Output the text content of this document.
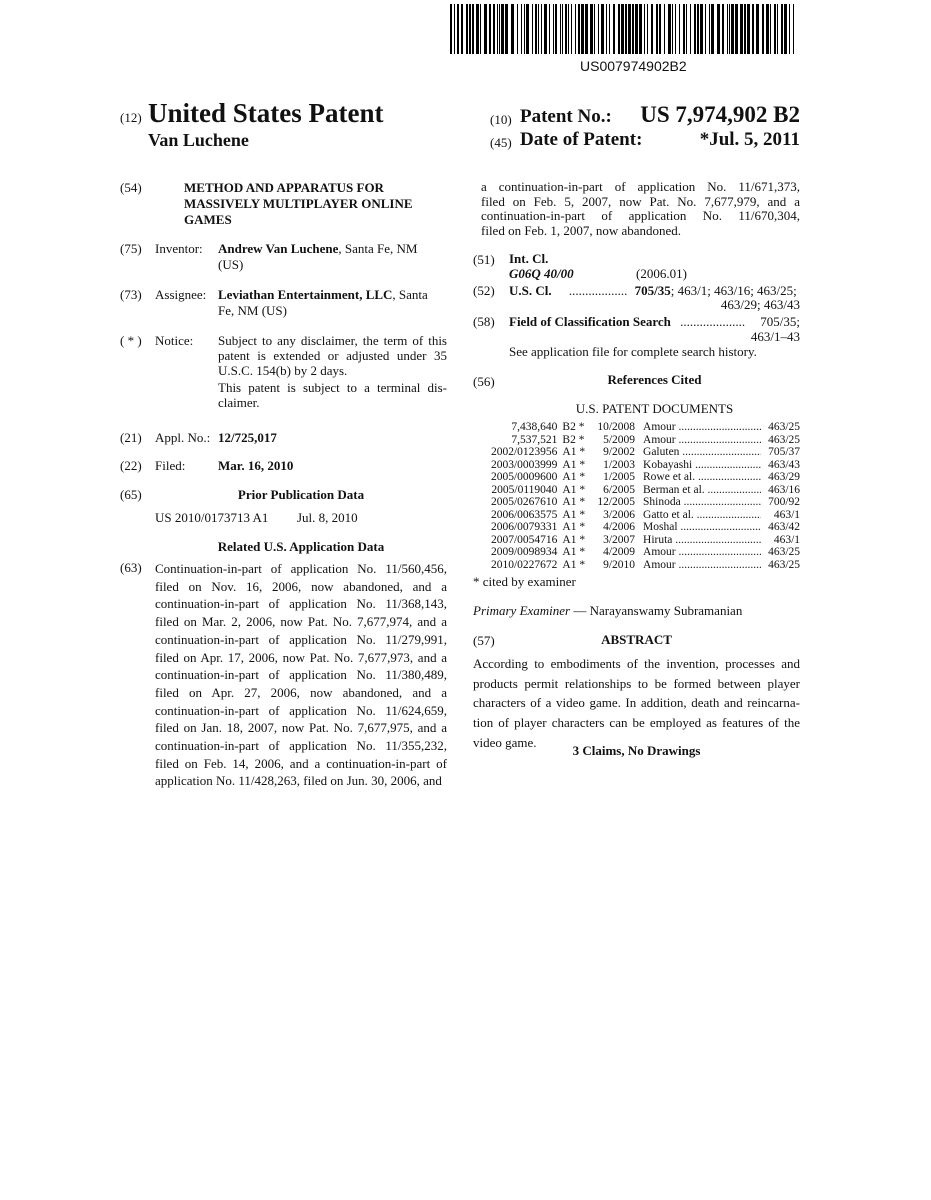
US007974902B2
(12) United States Patent
Van Luchene
(10) Patent No.: US 7,974,902 B2
(45) Date of Patent:	*Jul. 5, 2011
(54)	METHOD AND APPARATUS FOR
MASSIVELY MULTIPLAYER ONLINE
GAMES
(75) Inventor: Andrew Van Luchene, Santa Fe, NM
(US)
(73) Assignee: Leviathan Entertainment, LLC, Santa
Fe, NM (US)
( * ) Notice: Subject to any disclaimer, the term of this
patent is extended or adjusted under 35
U.S.C. 154(b) by 2 days.
This patent is subject to a terminal dis-
claimer.
(21) Appl. No.: 12/725,017
(22) Filed:	Mar. 16, 2010
(65)	Prior Publication Data
US 2010/0173713 A1 Jul. 8, 2010
Related U.S. Application Data
(63) Continuation-in-part of application No. 11/560,456,
filed on Nov. 16, 2006, now abandoned, and a
continuation-in-part of application No. 11/368,143,
filed on Mar. 2, 2006, now Pat. No. 7,677,974, and a
continuation-in-part of application No. 11/279,991,
filed on Apr. 17, 2006, now Pat. No. 7,677,973, and a
continuation-in-part of application No. 11/380,489,
filed on Apr. 27, 2006, now abandoned, and a
continuation-in-part of application No. 11/624,659,
filed on Jan. 18, 2007, now Pat. No. 7,677,975, and a
continuation-in-part of application No. 11/355,232,
filed on Feb. 14, 2006, and a continuation-in-part of
application No. 11/428,263, filed on Jun. 30, 2006, and
a continuation-in-part of application No. 11/671,373,
filed on Feb. 5, 2007, now Pat. No. 7,677,979, and a
continuation-in-part of application No. 11/670,304,
filed on Feb. 1, 2007, now abandoned.
(51) Int. Cl.
G06Q 40/00	(2006.01)
(52) U.S. Cl. .................. 705/35; 463/1; 463/16; 463/25;
463/29; 463/43
(58) Field of Classification Search .................... 705/35;
463/1–43
See application file for complete search history.
(56)	References Cited
U.S. PATENT DOCUMENTS
7,438,640 B2 *	10/2008 Amour .....	463/25
7,537,521 B2 *	5/2009 Amour .....	463/25
2002/0123956 A1 *	9/2002 Galuten .....	705/37
2003/0003999 A1 *	1/2003 Kobayashi .....	463/43
2005/0009600 A1 *	1/2005 Rowe et al. .....	463/29
2005/0119040 A1 *	6/2005 Berman et al. .....	463/16
2005/0267610 A1 *	12/2005 Shinoda .....	700/92
2006/0063575 A1 *	3/2006 Gatto et al. .....	463/1
2006/0079331 A1 *	4/2006 Moshal .....	463/42
2007/0054716 A1 *	3/2007 Hiruta .....	463/1
2009/0098934 A1 *	4/2009 Amour .....	463/25
2010/0227672 A1 *	9/2010 Amour .....	463/25
* cited by examiner
Primary Examiner — Narayanswamy Subramanian
(57)	ABSTRACT
According to embodiments of the invention, processes and
products permit relationships to be formed between player
characters of a video game. In addition, death and reincarna-
tion of player characters can be employed as features of the
video game.
3 Claims, No Drawings
